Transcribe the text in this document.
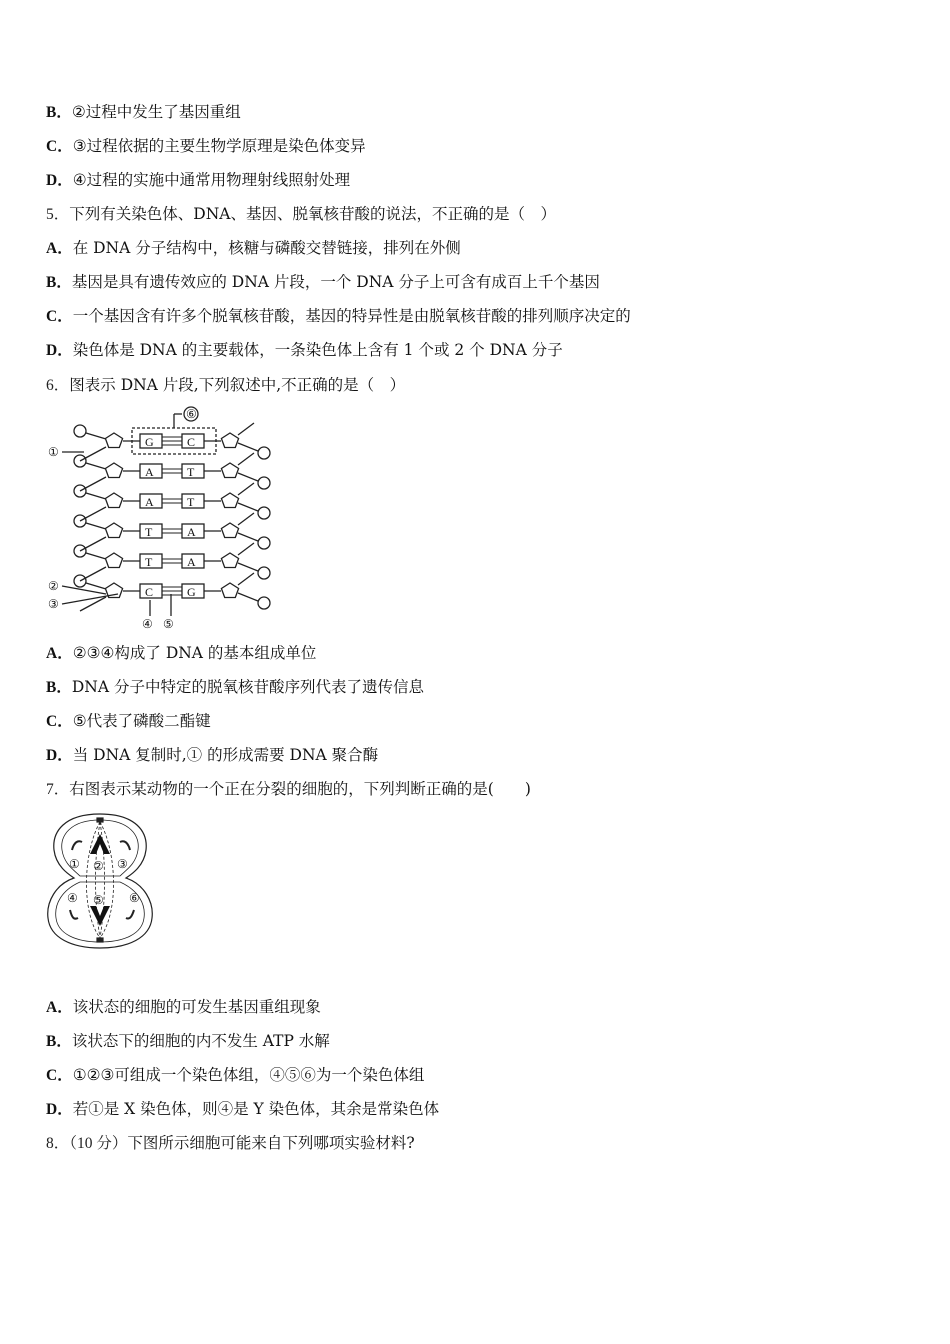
B．②过程中发生了基因重组
C．③过程依据的主要生物学原理是染色体变异
D．④过程的实施中通常用物理射线照射处理
5．下列有关染色体、DNA、基因、脱氧核苷酸的说法，不正确的是（　）
A．在 DNA 分子结构中，核糖与磷酸交替链接，排列在外侧
B．基因是具有遗传效应的 DNA 片段，一个 DNA 分子上可含有成百上千个基因
C．一个基因含有许多个脱氧核苷酸，基因的特异性是由脱氧核苷酸的排列顺序决定的
D．染色体是 DNA 的主要载体，一条染色体上含有 1 个或 2 个 DNA 分子
6．图表示 DNA 片段,下列叙述中,不正确的是（　）
⑥
①
②
③
④ ⑤
G	C
A	T
A	T
T	A
T	A
C	G
A．②③④构成了 DNA 的基本组成单位
B．DNA 分子中特定的脱氧核苷酸序列代表了遗传信息
C．⑤代表了磷酸二酯键
D．当 DNA 复制时,① 的形成需要 DNA 聚合酶
7．右图表示某动物的一个正在分裂的细胞的，下列判断正确的是(　　)
① ② ③
④ ⑤ ⑥
A．该状态的细胞的可发生基因重组现象
B．该状态下的细胞的内不发生 ATP 水解
C．①②③可组成一个染色体组，④⑤⑥为一个染色体组
D．若①是 X 染色体，则④是 Y 染色体，其余是常染色体
8．（10 分）下图所示细胞可能来自下列哪项实验材料?
